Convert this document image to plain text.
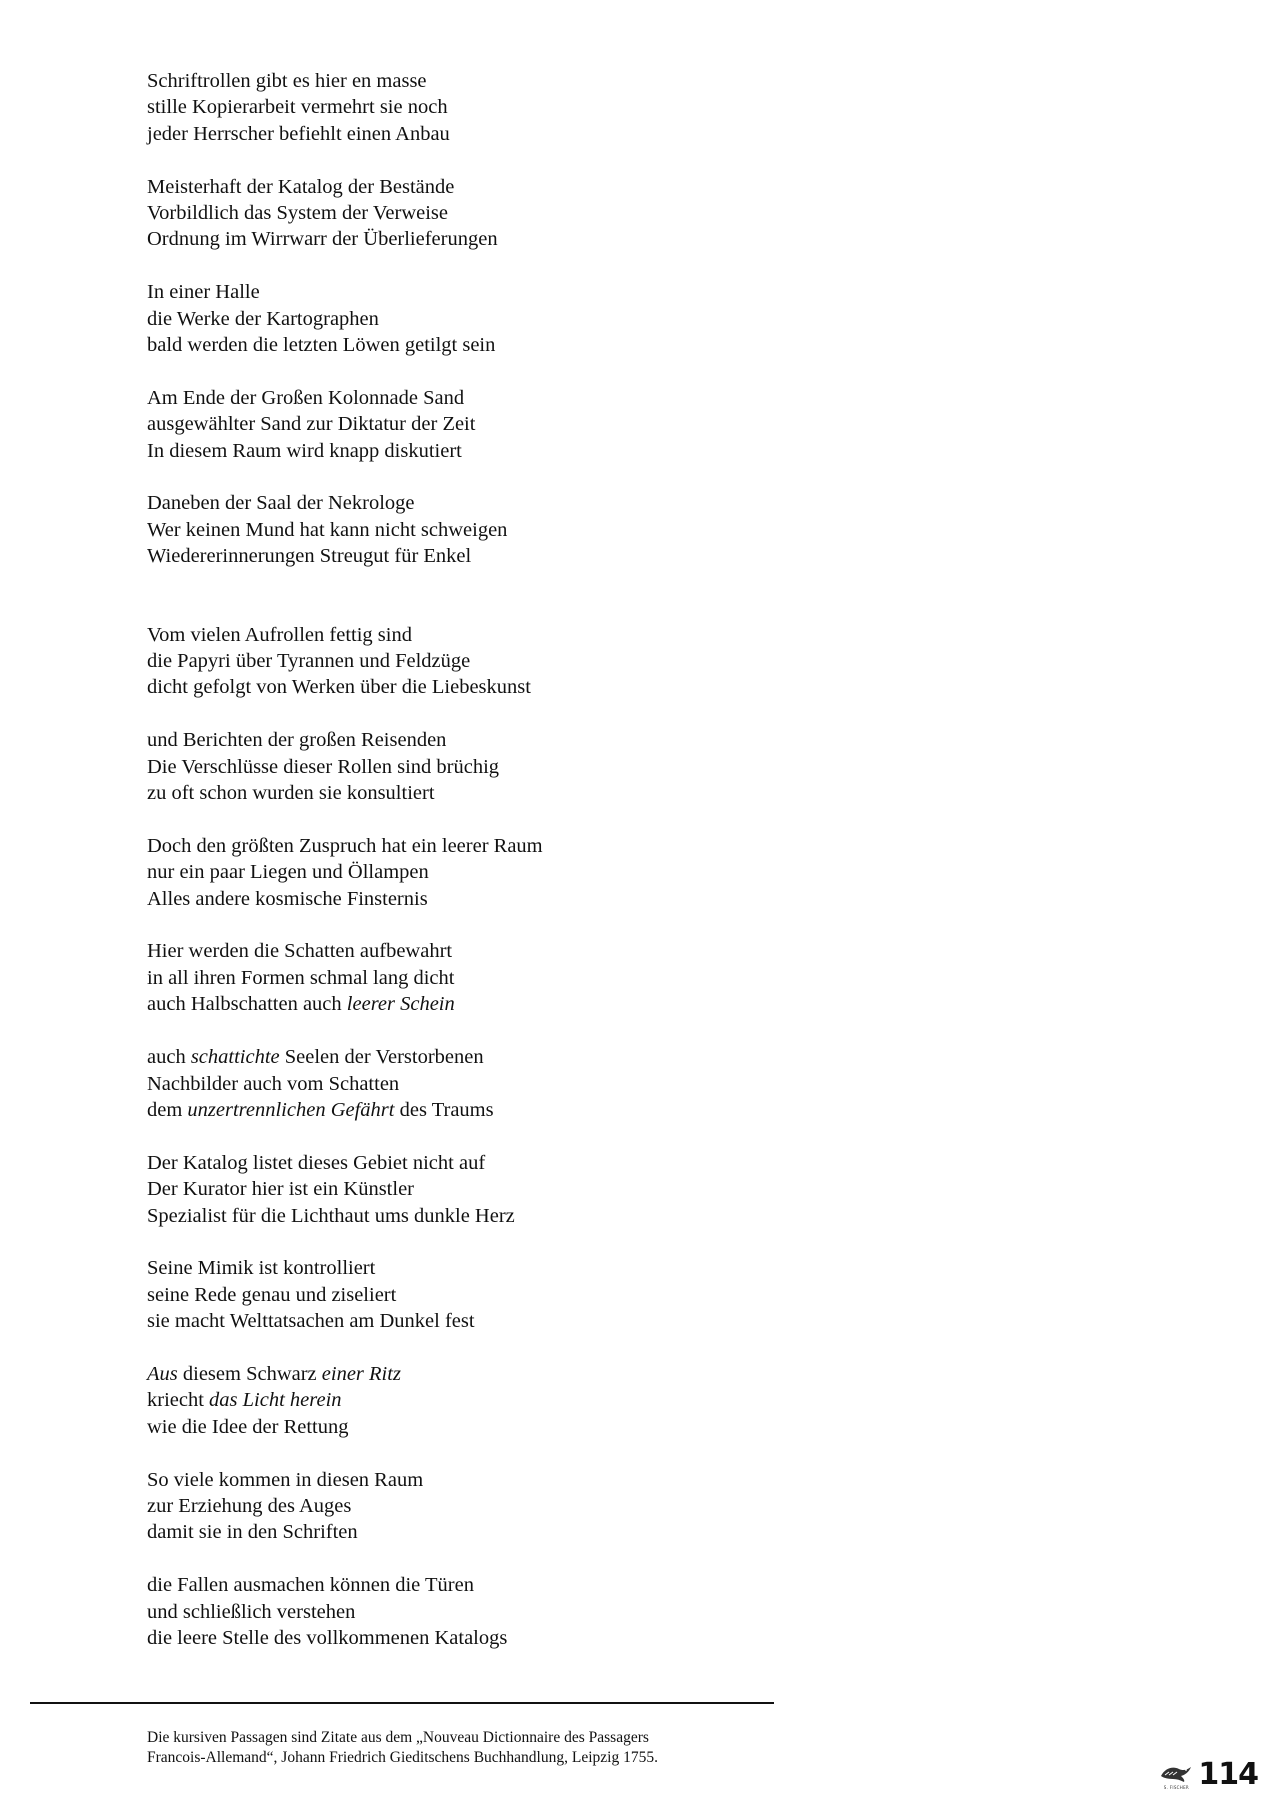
Schriftrollen gibt es hier en masse
stille Kopierarbeit vermehrt sie noch
jeder Herrscher befiehlt einen Anbau
Meisterhaft der Katalog der Bestände
Vorbildlich das System der Verweise
Ordnung im Wirrwarr der Überlieferungen
In einer Halle
die Werke der Kartographen
bald werden die letzten Löwen getilgt sein
Am Ende der Großen Kolonnade Sand
ausgewählter Sand zur Diktatur der Zeit
In diesem Raum wird knapp diskutiert
Daneben der Saal der Nekrologe
Wer keinen Mund hat kann nicht schweigen
Wiedererinnerungen Streugut für Enkel
Vom vielen Aufrollen fettig sind
die Papyri über Tyrannen und Feldzüge
dicht gefolgt von Werken über die Liebeskunst
und Berichten der großen Reisenden
Die Verschlüsse dieser Rollen sind brüchig
zu oft schon wurden sie konsultiert
Doch den größten Zuspruch hat ein leerer Raum
nur ein paar Liegen und Öllampen
Alles andere kosmische Finsternis
Hier werden die Schatten aufbewahrt
in all ihren Formen schmal lang dicht
auch Halbschatten auch leerer Schein
auch schattichte Seelen der Verstorbenen
Nachbilder auch vom Schatten
dem unzertrennlichen Gefährt des Traums
Der Katalog listet dieses Gebiet nicht auf
Der Kurator hier ist ein Künstler
Spezialist für die Lichthaut ums dunkle Herz
Seine Mimik ist kontrolliert
seine Rede genau und ziseliert
sie macht Welttatsachen am Dunkel fest
Aus diesem Schwarz einer Ritz
kriecht das Licht herein
wie die Idee der Rettung
So viele kommen in diesen Raum
zur Erziehung des Auges
damit sie in den Schriften
die Fallen ausmachen können die Türen
und schließlich verstehen
die leere Stelle des vollkommenen Katalogs
Die kursiven Passagen sind Zitate aus dem „Nouveau Dictionnaire des Passagers
Francois-Allemand“, Johann Friedrich Gieditschens Buchhandlung, Leipzig 1755.
S. FISCHER 114
